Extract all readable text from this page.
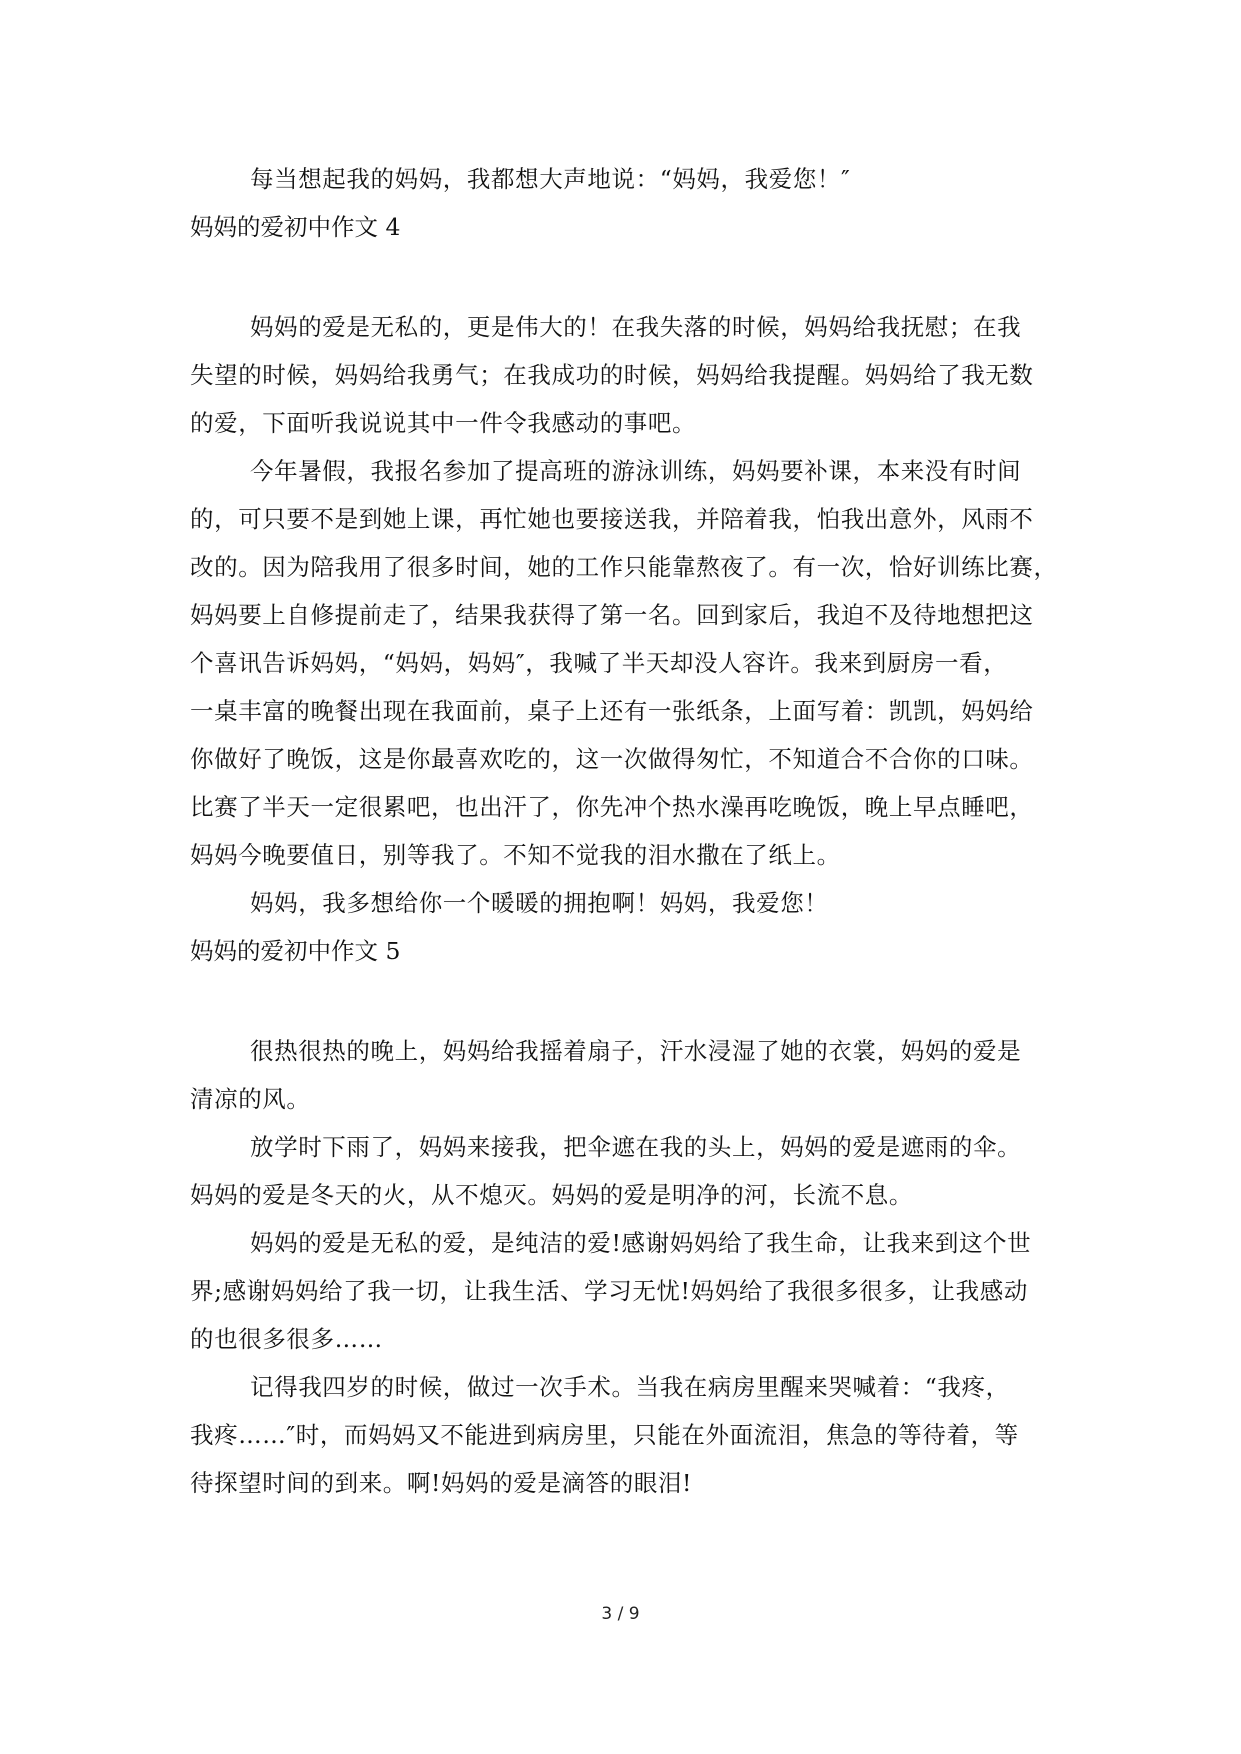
每当想起我的妈妈，我都想大声地说：“妈妈，我爱您！″
妈妈的爱初中作文 4
妈妈的爱是无私的，更是伟大的！在我失落的时候，妈妈给我抚慰；在我
失望的时候，妈妈给我勇气；在我成功的时候，妈妈给我提醒。妈妈给了我无数
的爱，下面听我说说其中一件令我感动的事吧。
今年暑假，我报名参加了提高班的游泳训练，妈妈要补课，本来没有时间
的，可只要不是到她上课，再忙她也要接送我，并陪着我，怕我出意外，风雨不
改的。因为陪我用了很多时间，她的工作只能靠熬夜了。有一次，恰好训练比赛，
妈妈要上自修提前走了，结果我获得了第一名。回到家后，我迫不及待地想把这
个喜讯告诉妈妈，“妈妈，妈妈″，我喊了半天却没人容许。我来到厨房一看，
一桌丰富的晚餐出现在我面前，桌子上还有一张纸条，上面写着：凯凯，妈妈给
你做好了晚饭，这是你最喜欢吃的，这一次做得匆忙，不知道合不合你的口味。
比赛了半天一定很累吧，也出汗了，你先冲个热水澡再吃晚饭，晚上早点睡吧，
妈妈今晚要值日，别等我了。不知不觉我的泪水撒在了纸上。
妈妈，我多想给你一个暖暖的拥抱啊！妈妈，我爱您！
妈妈的爱初中作文 5
很热很热的晚上，妈妈给我摇着扇子，汗水浸湿了她的衣裳，妈妈的爱是
清凉的风。
放学时下雨了，妈妈来接我，把伞遮在我的头上，妈妈的爱是遮雨的伞。
妈妈的爱是冬天的火，从不熄灭。妈妈的爱是明净的河，长流不息。
妈妈的爱是无私的爱，是纯洁的爱!感谢妈妈给了我生命，让我来到这个世
界;感谢妈妈给了我一切，让我生活、学习无忧!妈妈给了我很多很多，让我感动
的也很多很多……
记得我四岁的时候，做过一次手术。当我在病房里醒来哭喊着：“我疼，
我疼……″时，而妈妈又不能进到病房里，只能在外面流泪，焦急的等待着，等
待探望时间的到来。啊!妈妈的爱是滴答的眼泪!
3 / 9
